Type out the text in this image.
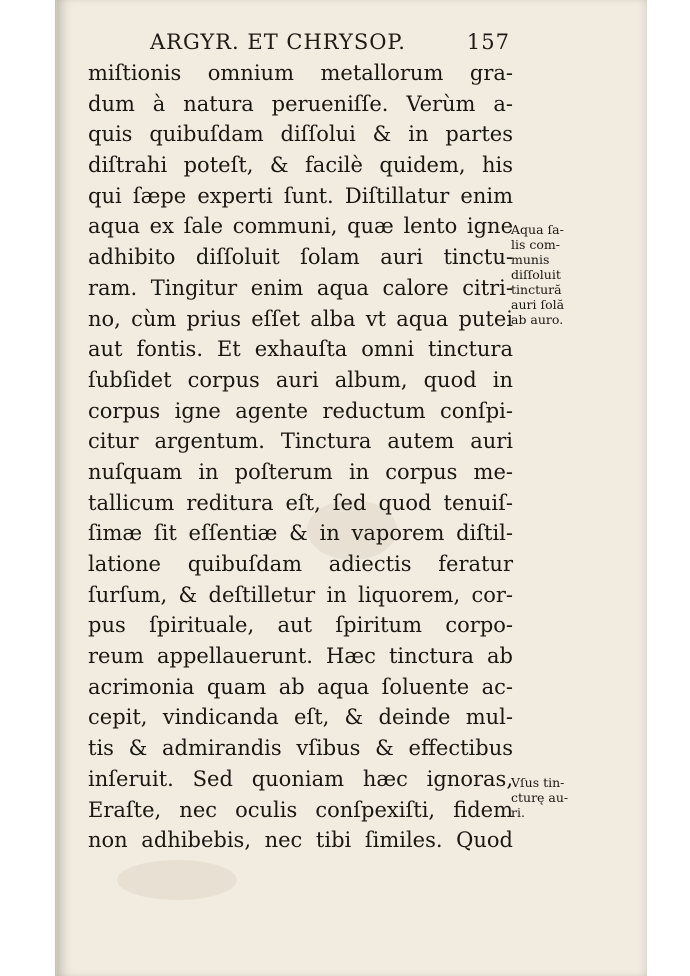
ARGYR. ET CHRYSOP.	157
miſtionis omnium metallorum gra-
dum à natura perueniſſe. Verùm a-
quis quibuſdam diſſolui & in partes
diſtrahi poteſt, & facilè quidem, his
qui ſæpe experti ſunt. Diſtillatur enim
aqua ex ſale communi, quæ lento igne
adhibito diſſoluit ſolam auri tinctu-
ram. Tingitur enim aqua calore citri-
no, cùm prius eſſet alba vt aqua putei
aut fontis. Et exhauſta omni tinctura
ſubſidet corpus auri album, quod in
corpus igne agente reductum conſpi-
citur argentum. Tinctura autem auri
nuſquam in poſterum in corpus me-
tallicum reditura eſt, ſed quod tenuiſ-
ſimæ ſit eſſentiæ & in vaporem diſtil-
latione quibuſdam adiectis feratur
ſurſum, & deſtilletur in liquorem, cor-
pus ſpirituale, aut ſpiritum corpo-
reum appellauerunt. Hæc tinctura ab
acrimonia quam ab aqua ſoluente ac-
cepit, vindicanda eſt, & deinde mul-
tis & admirandis vſibus & effectibus
inſeruit. Sed quoniam hæc ignoras,
Eraſte, nec oculis conſpexiſti, fidem
non adhibebis, nec tibi ſimiles. Quod
Aqua ſa-
lis com-
munis
diſſoluit
tinctură
auri ſolă
ab auro.
Vſus tin-
cturę au-
ri.
